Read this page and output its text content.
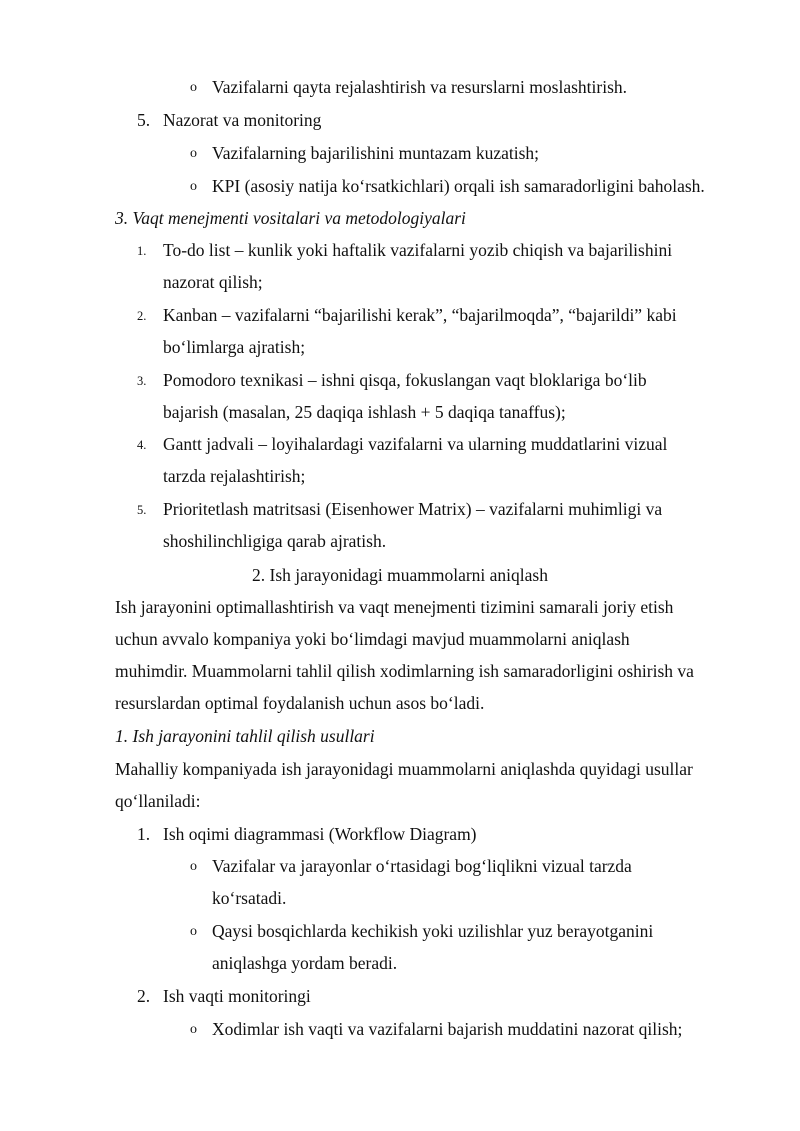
o Vazifalarni qayta rejalashtirish va resurslarni moslashtirish.
5. Nazorat va monitoring
o Vazifalarning bajarilishini muntazam kuzatish;
o KPI (asosiy natija ko‘rsatkichlari) orqali ish samaradorligini baholash.
3. Vaqt menejmenti vositalari va metodologiyalari
1. To-do list – kunlik yoki haftalik vazifalarni yozib chiqish va bajarilishini
nazorat qilish;
2. Kanban – vazifalarni “bajarilishi kerak”, “bajarilmoqda”, “bajarildi” kabi
bo‘limlarga ajratish;
3. Pomodoro texnikasi – ishni qisqa, fokuslangan vaqt bloklariga bo‘lib
bajarish (masalan, 25 daqiqa ishlash + 5 daqiqa tanaffus);
4. Gantt jadvali – loyihalardagi vazifalarni va ularning muddatlarini vizual
tarzda rejalashtirish;
5. Prioritetlash matritsasi (Eisenhower Matrix) – vazifalarni muhimligi va
shoshilinchligiga qarab ajratish.
2. Ish jarayonidagi muammolarni aniqlash
Ish jarayonini optimallashtirish va vaqt menejmenti tizimini samarali joriy etish
uchun avvalo kompaniya yoki bo‘limdagi mavjud muammolarni aniqlash
muhimdir. Muammolarni tahlil qilish xodimlarning ish samaradorligini oshirish va
resurslardan optimal foydalanish uchun asos bo‘ladi.
1. Ish jarayonini tahlil qilish usullari
Mahalliy kompaniyada ish jarayonidagi muammolarni aniqlashda quyidagi usullar
qo‘llaniladi:
1. Ish oqimi diagrammasi (Workflow Diagram)
o Vazifalar va jarayonlar o‘rtasidagi bog‘liqlikni vizual tarzda
ko‘rsatadi.
o Qaysi bosqichlarda kechikish yoki uzilishlar yuz berayotganini
aniqlashga yordam beradi.
2. Ish vaqti monitoringi
o Xodimlar ish vaqti va vazifalarni bajarish muddatini nazorat qilish;
